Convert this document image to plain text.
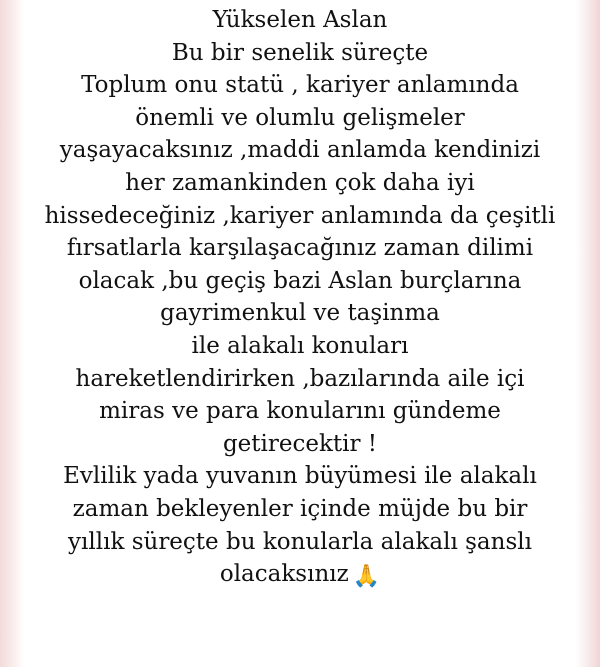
Yükselen Aslan
Bu bir senelik süreçte
Toplum onu statü , kariyer anlamında
önemli ve olumlu gelişmeler
yaşayacaksınız ,maddi anlamda kendinizi
her zamankinden çok daha iyi
hissedeceğiniz ,kariyer anlamında da çeşitli
fırsatlarla karşılaşacağınız zaman dilimi
olacak ,bu geçiş bazi Aslan burçlarına
gayrimenkul ve taşinma
ile alakalı konuları
hareketlendirirken ,bazılarında aile içi
miras ve para konularını gündeme
getirecektir !
Evlilik yada yuvanın büyümesi ile alakalı
zaman bekleyenler içinde müjde bu bir
yıllık süreçte bu konularla alakalı şanslı
olacaksınız 🙏
